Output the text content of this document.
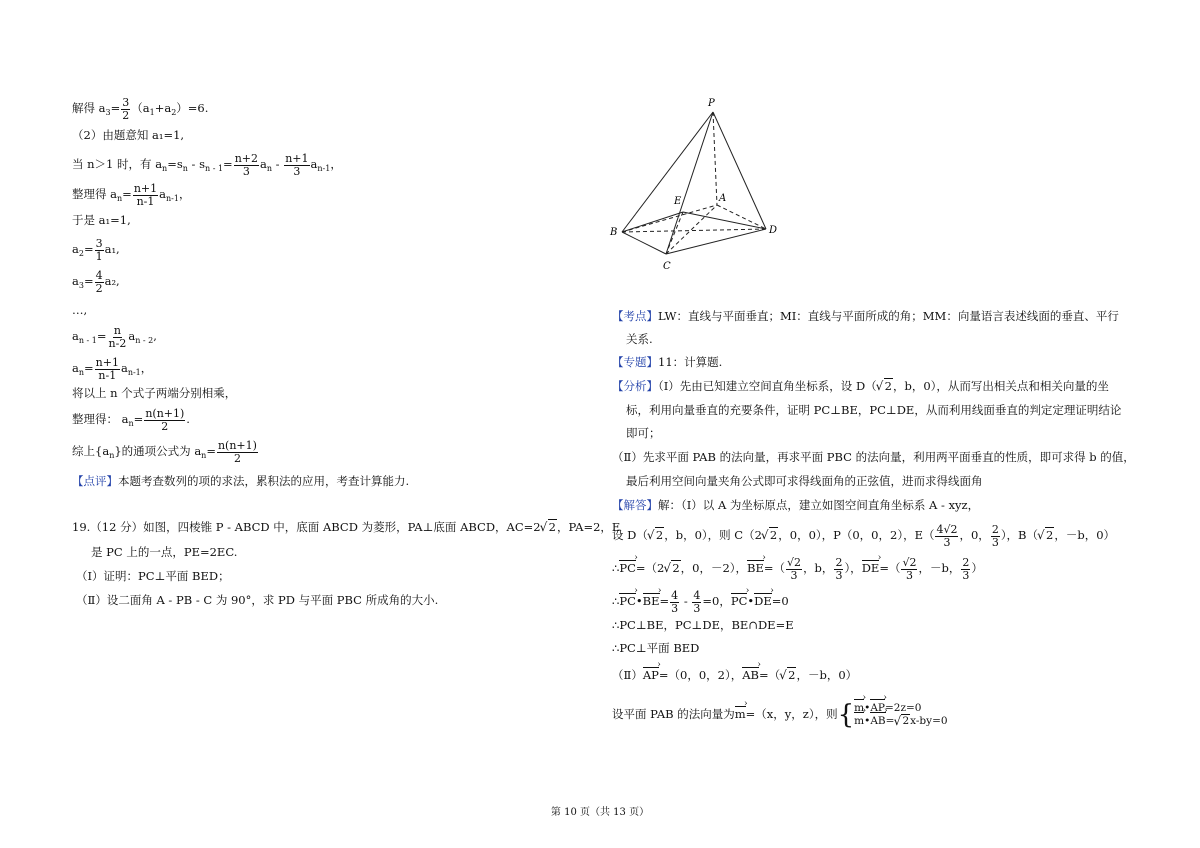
解得 $a_3= \frac{3}{2} (a_1+a_2)=6$.
（2）由题意知 a₁=1,
当 n＞1 时，有 $a_n=s_n - s_{n - 1}= \frac{n+2}{3} a_n - \frac{n+1}{3} a_{n-1}$，
整理得 $a_n= \frac{n+1}{n-1} a_{n-1}$，
于是 a₁=1,
$a_2= \frac{3}{1} a_1$,
$a_3= \frac{4}{2} a_2$,
…,
$a_{n - 1}= \frac{n}{n-2} a_{n - 2}$,
$a_n= \frac{n+1}{n-1} a_{n-1}$，
将以上 n 个式子两端分别相乘，
整理得： $a_n= \frac{n(n+1)}{2}$ .
综上$\{a_n\}$的通项公式为 $a_n= \frac{n(n+1)}{2}$
【点评】本题考查数列的项的求法，累积法的应用，考查计算能力.
19.（12 分）如图，四棱锥 P - ABCD 中，底面 ABCD 为菱形，PA⊥底面 ABCD，AC=2 √ 2，PA=2，E
是 PC 上的一点，PE=2EC.
（Ⅰ）证明：PC⊥平面 BED；
（Ⅱ）设二面角 A - PB - C 为 90°，求 PD 与平面 PBC 所成角的大小.
P
E	A
B	D
C
【考点】LW：直线与平面垂直；MI：直线与平面所成的角；MM：向量语言表述线面的垂直、平行
关系.
【专题】11：计算题.
【分析】（Ⅰ）先由已知建立空间直角坐标系，设 D（ √ 2，b，0），从而写出相关点和相关向量的坐
标，利用向量垂直的充要条件，证明 PC⊥BE，PC⊥DE，从而利用线面垂直的判定定理证明结论
即可；
（Ⅱ）先求平面 PAB 的法向量，再求平面 PBC 的法向量，利用两平面垂直的性质，即可求得 b 的值，
最后利用空间向量夹角公式即可求得线面角的正弦值，进而求得线面角
【解答】解：（Ⅰ）以 A 为坐标原点，建立如图空间直角坐标系 A - xyz，
设 D（ √ 2，b，0），则 C（2 √ 2，0，0），P（0，0，2），$E( \frac{4√2}{3}$ ，0， $\frac{2}{3}$ ），B（ √ 2，－b，0）
∴PC ›=（2 √ 2，0，－2），BE ›=（ $\frac{√2}{3}$ ，b， $\frac{2}{3}$ ），DE ›=（ $\frac{√2}{3}$ ，－b， $\frac{2}{3}$ ）
∴PC ›•BE ›= $\frac{4}{3} - \frac{4}{3} =0$，PC ›•DE ›=0
∴PC⊥BE，PC⊥DE，BE∩DE=E
∴PC⊥平面 BED
（Ⅱ）AP ›=（0，0，2），AB ›=（ √ 2，－b，0）
设平面 PAB 的法向量为m ›=（x，y，z），则{ m ›•AP ›=2z=0
m ›•AB ›= √ 2x-by=0
第 10 页（共 13 页）
